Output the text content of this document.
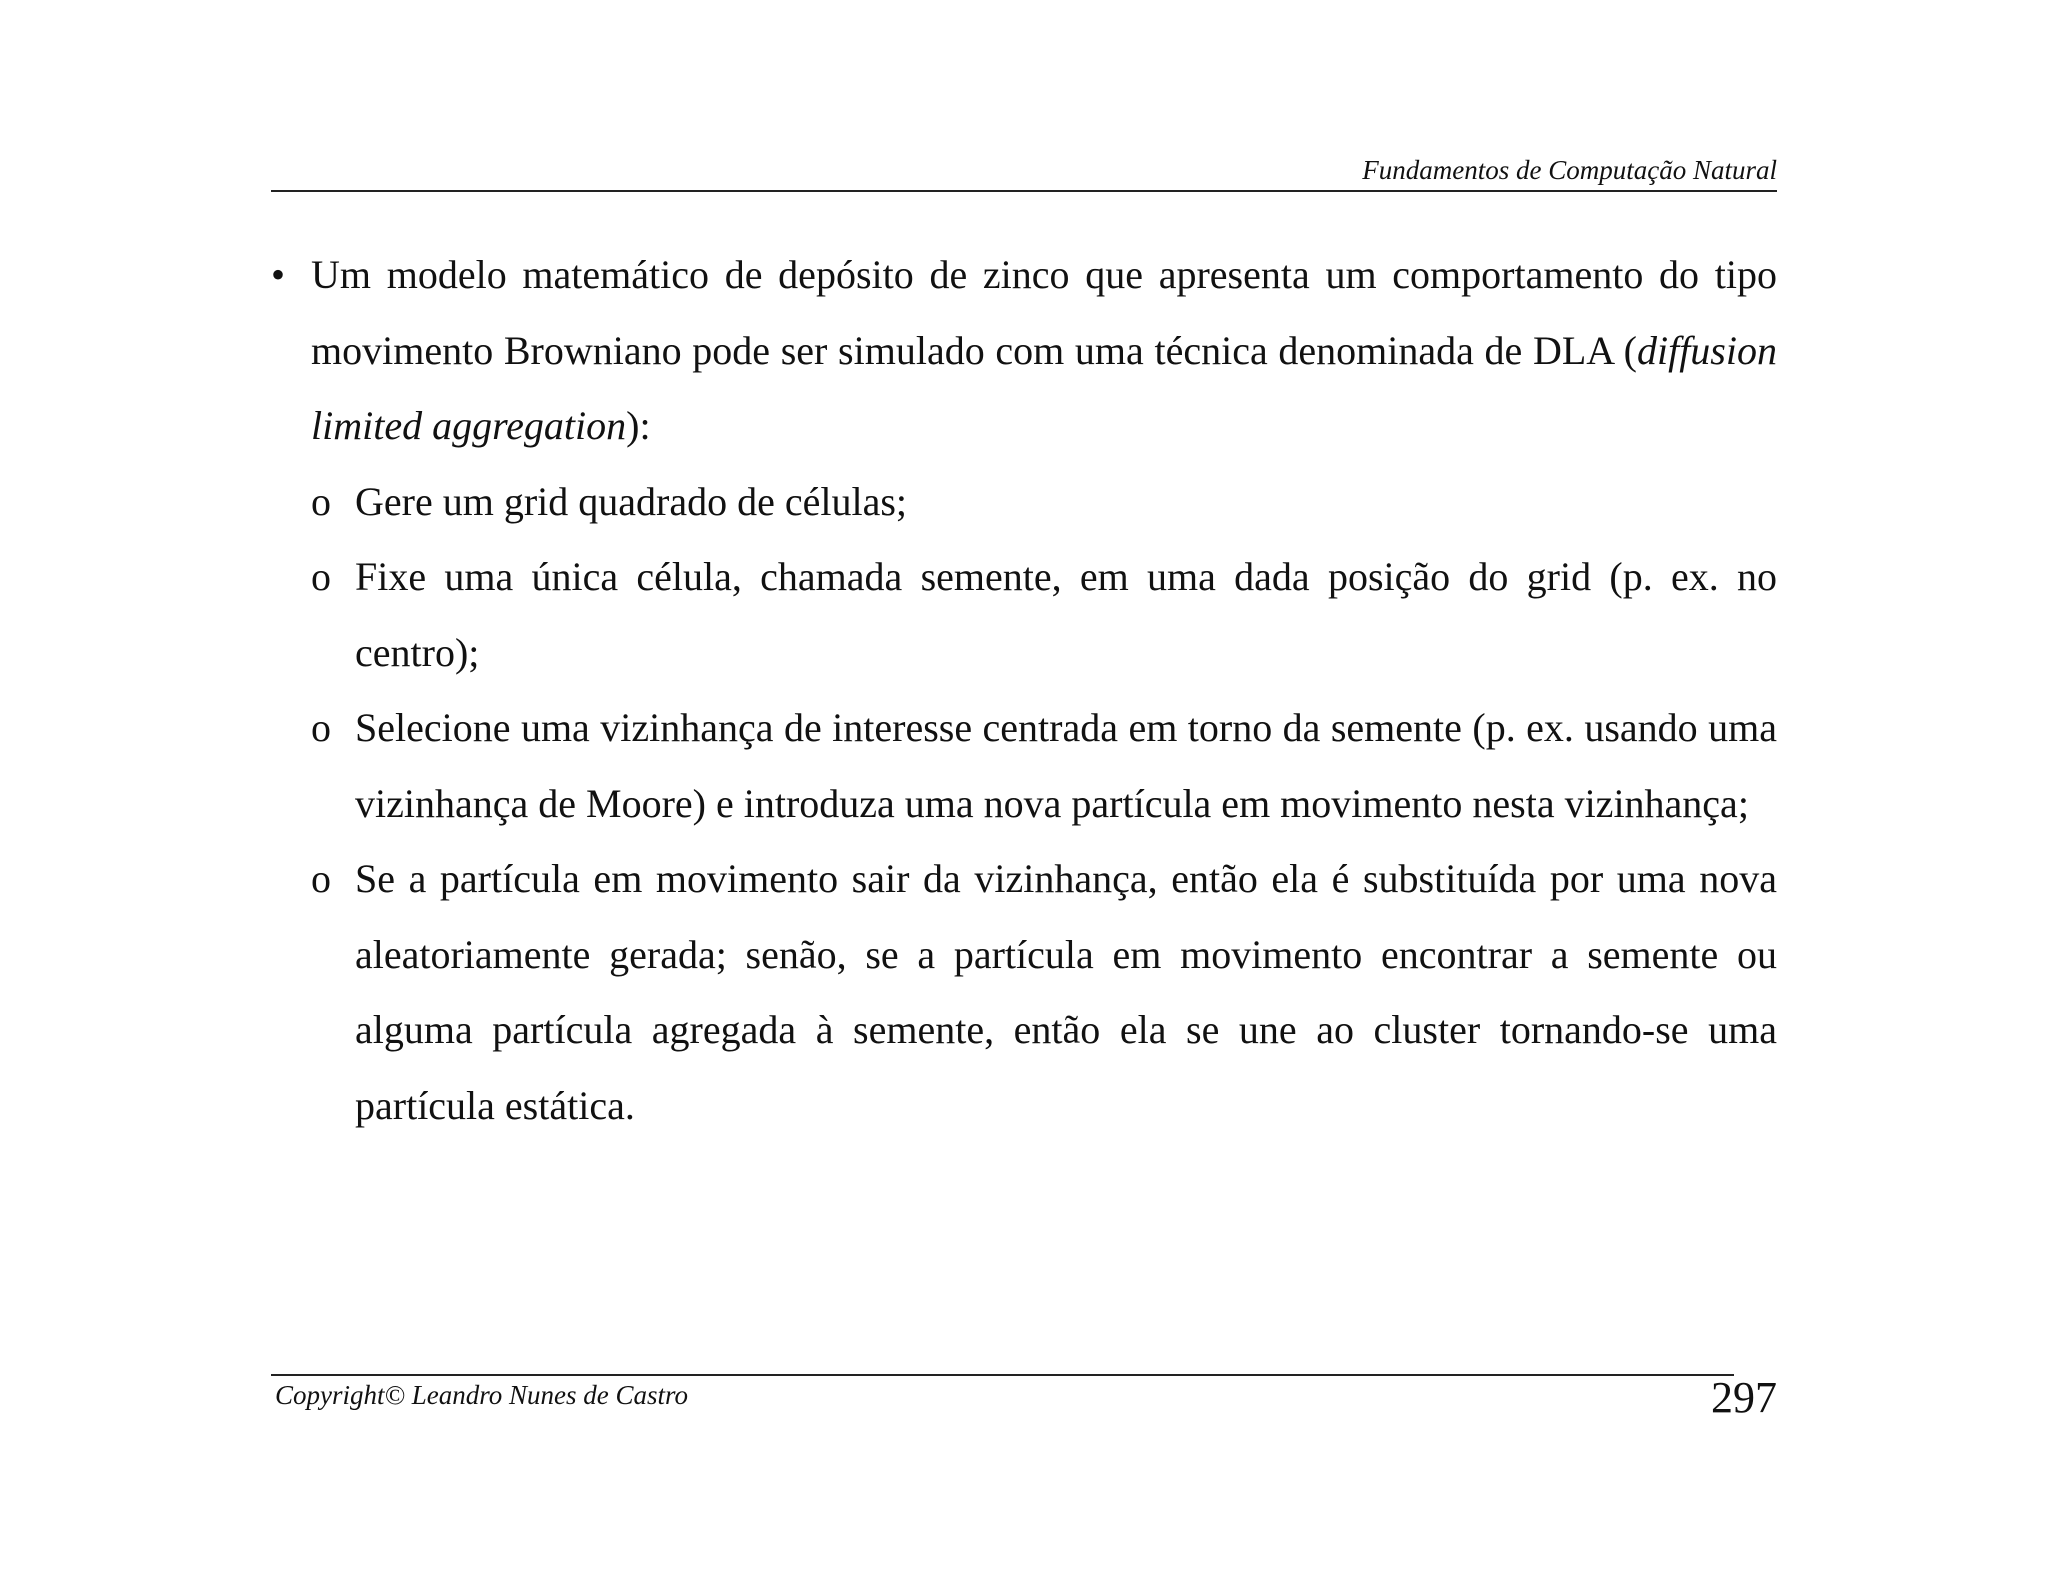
Fundamentos de Computação Natural
• Um modelo matemático de depósito de zinco que apresenta um comportamento do tipo movimento Browniano pode ser simulado com uma técnica denominada de DLA (diffusion limited aggregation):
o Gere um grid quadrado de células;
o Fixe uma única célula, chamada semente, em uma dada posição do grid (p. ex. no centro);
o Selecione uma vizinhança de interesse centrada em torno da semente (p. ex. usando uma vizinhança de Moore) e introduza uma nova partícula em movimento nesta vizinhança;
o Se a partícula em movimento sair da vizinhança, então ela é substituída por uma nova aleatoriamente gerada; senão, se a partícula em movimento encontrar a semente ou alguma partícula agregada à semente, então ela se une ao cluster tornando-se uma partícula estática.
Copyright© Leandro Nunes de Castro	297
